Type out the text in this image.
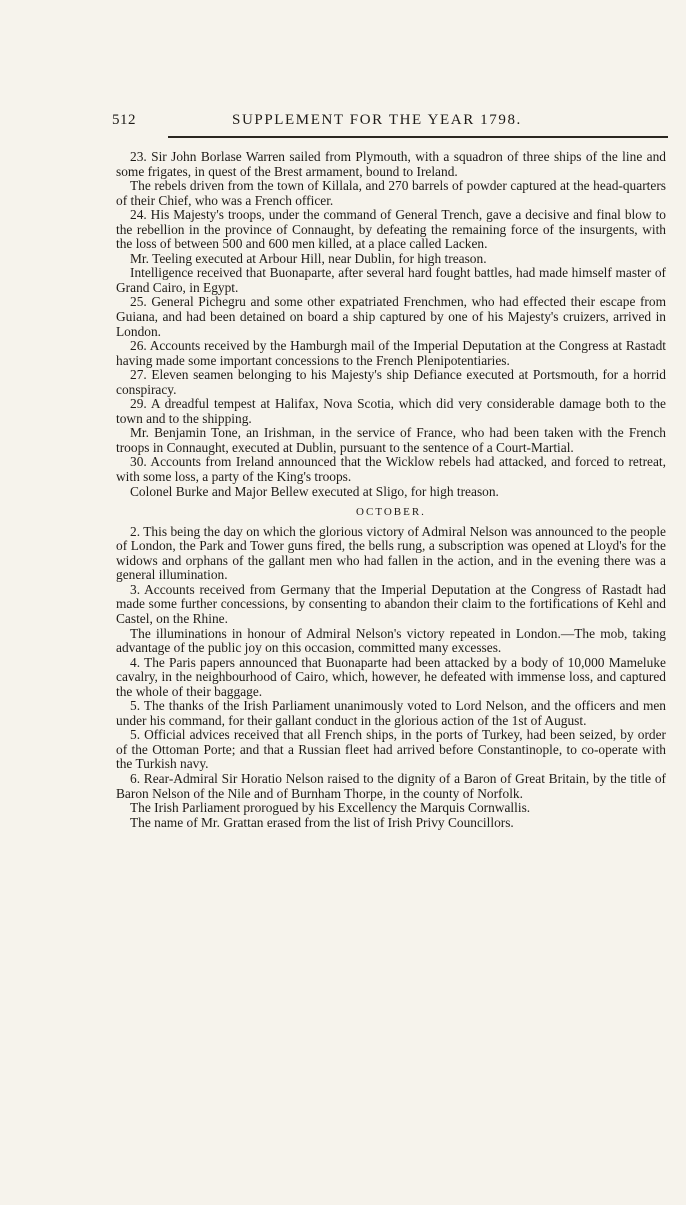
512	SUPPLEMENT FOR THE YEAR 1798.

23. Sir John Borlase Warren sailed from Plymouth, with a squadron of three ships of the line and some frigates, in quest of the Brest armament, bound to Ireland.

The rebels driven from the town of Killala, and 270 barrels of powder captured at the head-quarters of their Chief, who was a French officer.

24. His Majesty's troops, under the command of General Trench, gave a decisive and final blow to the rebellion in the province of Connaught, by defeating the remaining force of the insurgents, with the loss of between 500 and 600 men killed, at a place called Lacken.

Mr. Teeling executed at Arbour Hill, near Dublin, for high treason.

Intelligence received that Buonaparte, after several hard fought battles, had made himself master of Grand Cairo, in Egypt.

25. General Pichegru and some other expatriated Frenchmen, who had effected their escape from Guiana, and had been detained on board a ship captured by one of his Majesty's cruizers, arrived in London.

26. Accounts received by the Hamburgh mail of the Imperial Deputation at the Congress at Rastadt having made some important concessions to the French Plenipotentiaries.

27. Eleven seamen belonging to his Majesty's ship Defiance executed at Portsmouth, for a horrid conspiracy.

29. A dreadful tempest at Halifax, Nova Scotia, which did very considerable damage both to the town and to the shipping.

Mr. Benjamin Tone, an Irishman, in the service of France, who had been taken with the French troops in Connaught, executed at Dublin, pursuant to the sentence of a Court-Martial.

30. Accounts from Ireland announced that the Wicklow rebels had attacked, and forced to retreat, with some loss, a party of the King's troops.

Colonel Burke and Major Bellew executed at Sligo, for high treason.

OCTOBER.

2. This being the day on which the glorious victory of Admiral Nelson was announced to the people of London, the Park and Tower guns fired, the bells rung, a subscription was opened at Lloyd's for the widows and orphans of the gallant men who had fallen in the action, and in the evening there was a general illumination.

3. Accounts received from Germany that the Imperial Deputation at the Congress of Rastadt had made some further concessions, by consenting to abandon their claim to the fortifications of Kehl and Castel, on the Rhine.

The illuminations in honour of Admiral Nelson's victory repeated in London.—The mob, taking advantage of the public joy on this occasion, committed many excesses.

4. The Paris papers announced that Buonaparte had been attacked by a body of 10,000 Mameluke cavalry, in the neighbourhood of Cairo, which, however, he defeated with immense loss, and captured the whole of their baggage.

5. The thanks of the Irish Parliament unanimously voted to Lord Nelson, and the officers and men under his command, for their gallant conduct in the glorious action of the 1st of August.

5. Official advices received that all French ships, in the ports of Turkey, had been seized, by order of the Ottoman Porte; and that a Russian fleet had arrived before Constantinople, to co-operate with the Turkish navy.

6. Rear-Admiral Sir Horatio Nelson raised to the dignity of a Baron of Great Britain, by the title of Baron Nelson of the Nile and of Burnham Thorpe, in the county of Norfolk.

The Irish Parliament prorogued by his Excellency the Marquis Cornwallis.

The name of Mr. Grattan erased from the list of Irish Privy Councillors.
